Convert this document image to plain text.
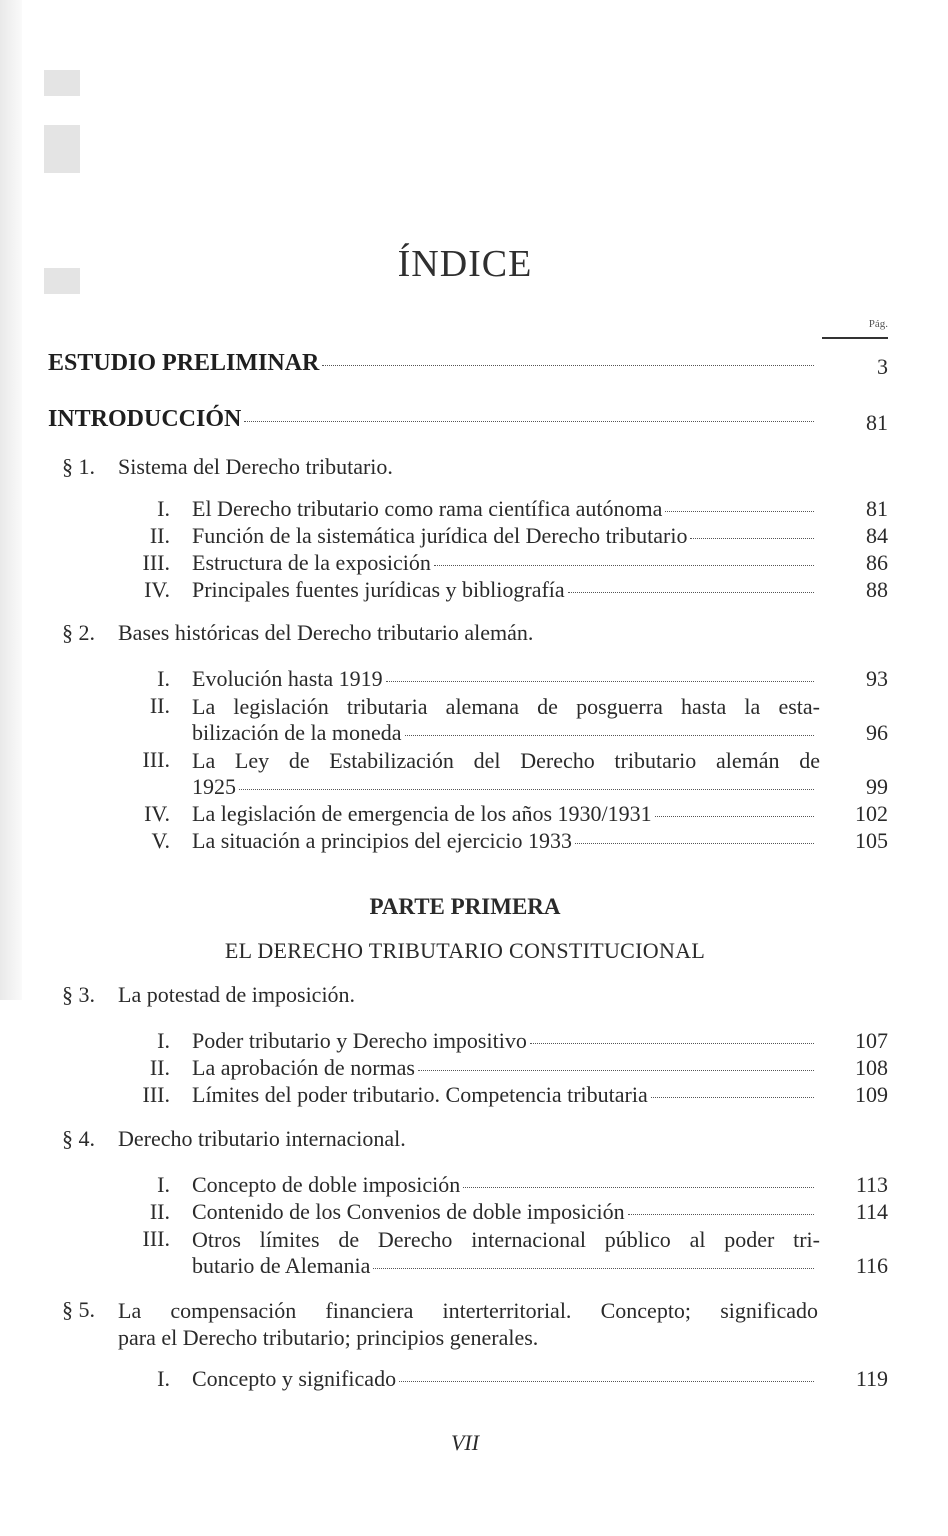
ÍNDICE
Pág.
ESTUDIO PRELIMINAR	3
INTRODUCCIÓN	81
§ 1.	Sistema del Derecho tributario.
I. El Derecho tributario como rama científica autónoma	81
II. Función de la sistemática jurídica del Derecho tributario	84
III. Estructura de la exposición	86
IV. Principales fuentes jurídicas y bibliografía	88
§ 2.	Bases históricas del Derecho tributario alemán.
I. Evolución hasta 1919	93
II. La legislación tributaria alemana de posguerra hasta la esta-
bilización de la moneda	96
III. La Ley de Estabilización del Derecho tributario alemán de
1925	99
IV. La legislación de emergencia de los años 1930/1931	102
V. La situación a principios del ejercicio 1933	105
PARTE PRIMERA
EL DERECHO TRIBUTARIO CONSTITUCIONAL
§ 3.	La potestad de imposición.
I. Poder tributario y Derecho impositivo	107
II. La aprobación de normas	108
III. Límites del poder tributario. Competencia tributaria	109
§ 4.	Derecho tributario internacional.
I. Concepto de doble imposición	113
II. Contenido de los Convenios de doble imposición	114
III. Otros límites de Derecho internacional público al poder tri-
butario de Alemania	116
§ 5. La compensación financiera interterritorial. Concepto; significado
para el Derecho tributario; principios generales.
I. Concepto y significado	119
VII
